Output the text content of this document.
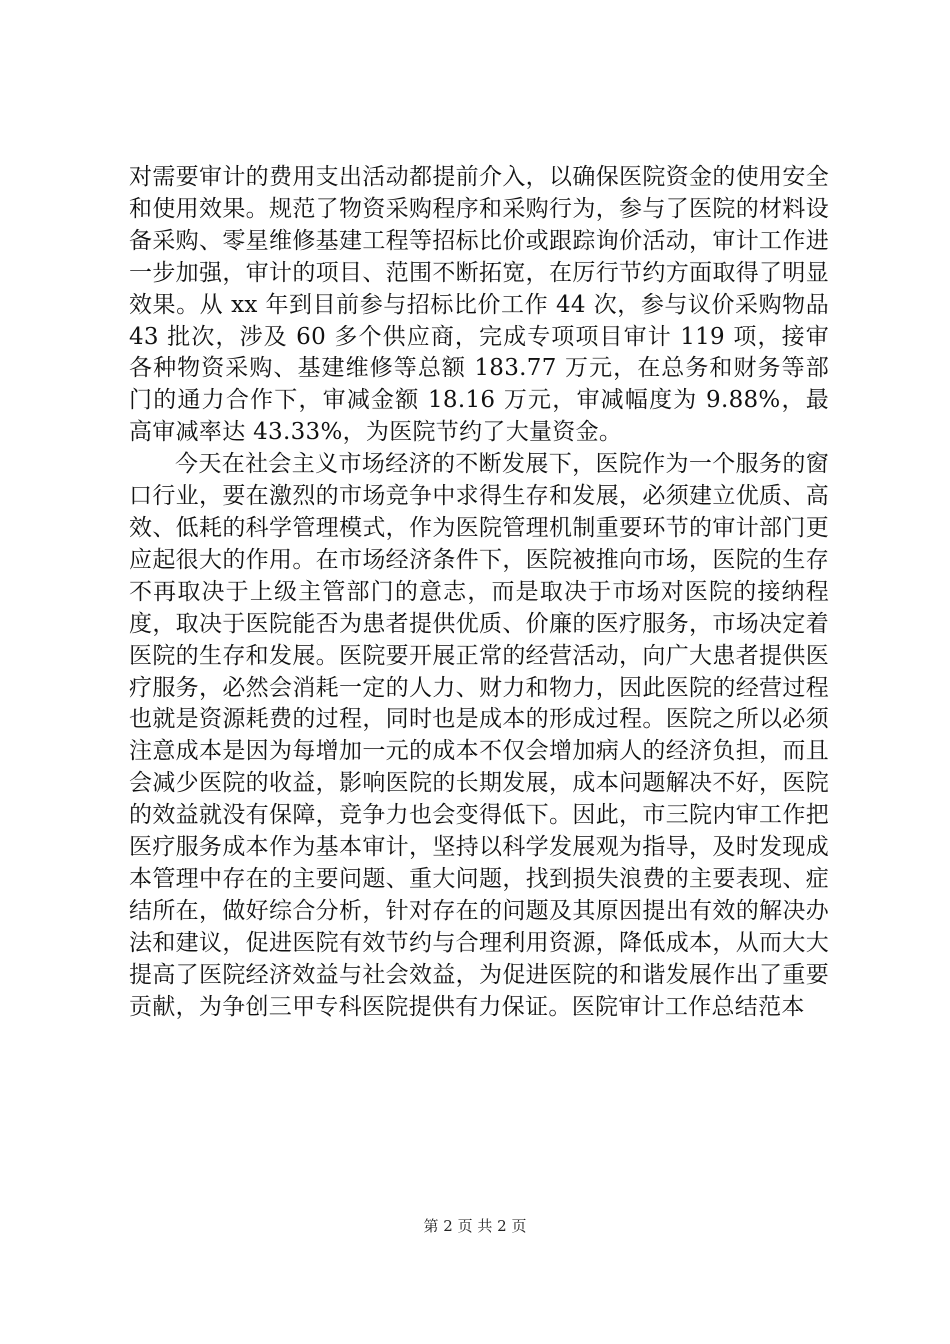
对需要审计的费用支出活动都提前介入，以确保医院资金的使用安全和使用效果。规范了物资采购程序和采购行为，参与了医院的材料设备采购、零星维修基建工程等招标比价或跟踪询价活动，审计工作进一步加强，审计的项目、范围不断拓宽，在厉行节约方面取得了明显效果。从 xx 年到目前参与招标比价工作 44 次，参与议价采购物品 43 批次，涉及 60 多个供应商，完成专项项目审计 119 项，接审各种物资采购、基建维修等总额 183.77 万元，在总务和财务等部门的通力合作下，审减金额 18.16 万元，审减幅度为 9.88%，最高审减率达 43.33%，为医院节约了大量资金。

今天在社会主义市场经济的不断发展下，医院作为一个服务的窗口行业，要在激烈的市场竞争中求得生存和发展，必须建立优质、高效、低耗的科学管理模式，作为医院管理机制重要环节的审计部门更应起很大的作用。在市场经济条件下，医院被推向市场，医院的生存不再取决于上级主管部门的意志，而是取决于市场对医院的接纳程度，取决于医院能否为患者提供优质、价廉的医疗服务，市场决定着医院的生存和发展。医院要开展正常的经营活动，向广大患者提供医疗服务，必然会消耗一定的人力、财力和物力，因此医院的经营过程也就是资源耗费的过程，同时也是成本的形成过程。医院之所以必须注意成本是因为每增加一元的成本不仅会增加病人的经济负担，而且会减少医院的收益，影响医院的长期发展，成本问题解决不好，医院的效益就没有保障，竞争力也会变得低下。因此，市三院内审工作把医疗服务成本作为基本审计，坚持以科学发展观为指导，及时发现成本管理中存在的主要问题、重大问题，找到损失浪费的主要表现、症结所在，做好综合分析，针对存在的问题及其原因提出有效的解决办法和建议，促进医院有效节约与合理利用资源，降低成本，从而大大提高了医院经济效益与社会效益，为促进医院的和谐发展作出了重要贡献，为争创三甲专科医院提供有力保证。医院审计工作总结范本

第 2 页 共 2 页
